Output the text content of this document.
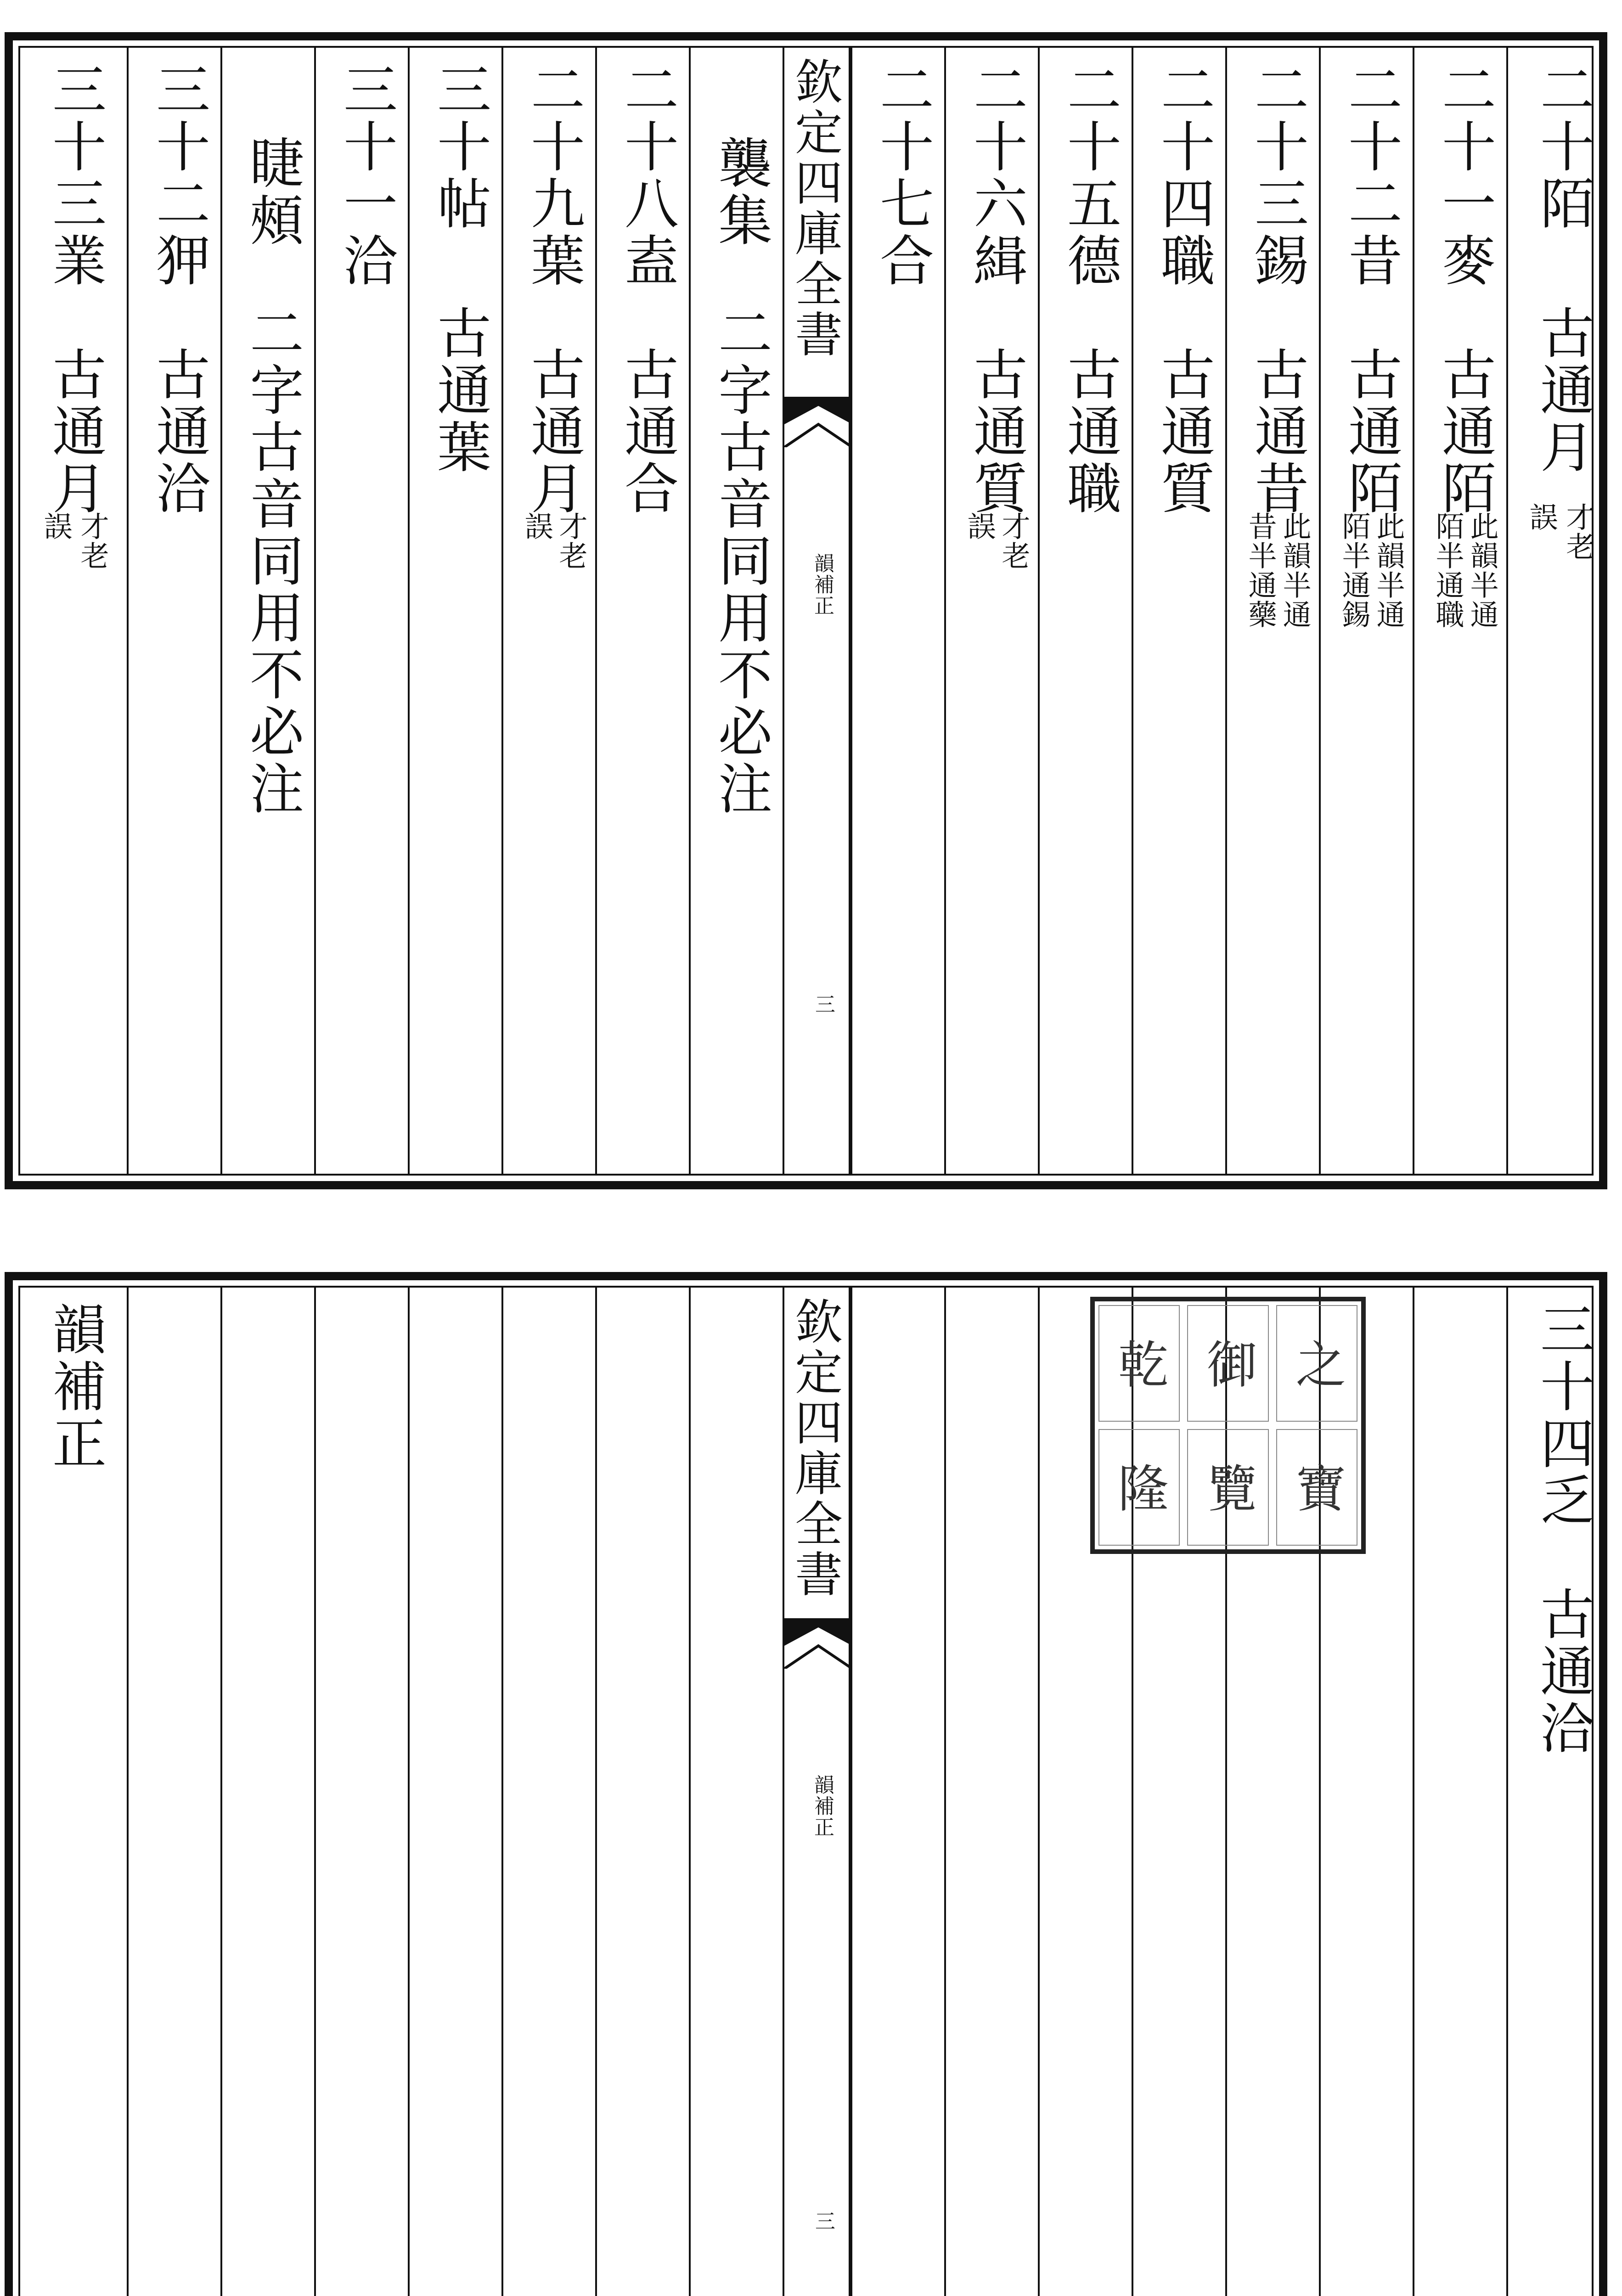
二十陌
古通月
才老
誤
二十一麥
古通陌
此韻半通
陌半通職
二十二昔
古通陌
此韻半通
陌半通錫
二十三錫
古通昔
此韻半通
昔半通藥
二十四職
古通質
二十五德
古通職
二十六緝
古通質
才老
誤
二十七合
欽定四庫全書
韻補正
三
襲集
二字古音同用不必注
二十八盍
古通合
二十九葉
古通月
才老
誤
三十帖
古通葉
三十一洽
睫頰
二字古音同用不必注
三十二狎
古通洽
三十三業
古通月
才老
誤
三十四乏
古通洽
乾 御 之
隆 覽 寶
欽定四庫全書
韻補正
三
韻補正
